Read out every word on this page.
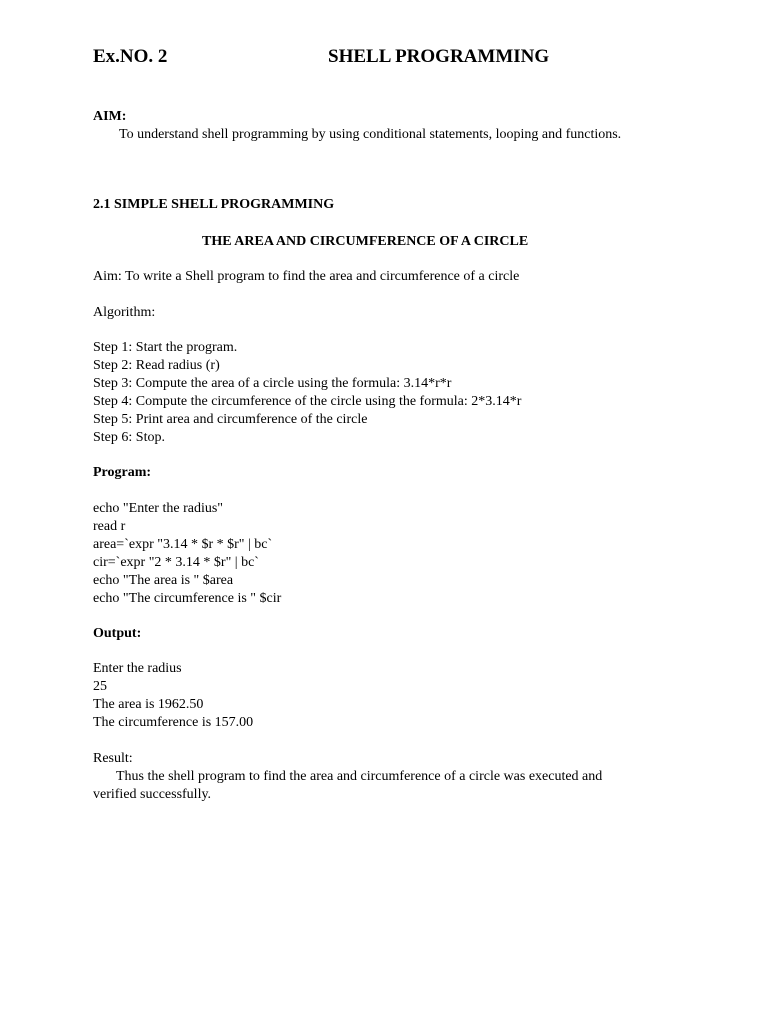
Ex.NO. 2	SHELL PROGRAMMING
AIM:
To understand shell programming by using conditional statements, looping and functions.
2.1 SIMPLE SHELL PROGRAMMING
THE AREA AND CIRCUMFERENCE OF A CIRCLE
Aim: To write a Shell program to find the area and circumference of a circle
Algorithm:
Step 1: Start the program.
Step 2: Read radius (r)
Step 3: Compute the area of a circle using the formula: 3.14*r*r
Step 4: Compute the circumference of the circle using the formula: 2*3.14*r
Step 5: Print area and circumference of the circle
Step 6: Stop.
Program:
echo "Enter the radius"
read r
area=`expr "3.14 * $r * $r" | bc`
cir=`expr "2 * 3.14 * $r" | bc`
echo "The area is " $area
echo "The circumference is " $cir
Output:
Enter the radius
25
The area is 1962.50
The circumference is 157.00
Result:
Thus the shell program to find the area and circumference of a circle was executed and
verified successfully.
